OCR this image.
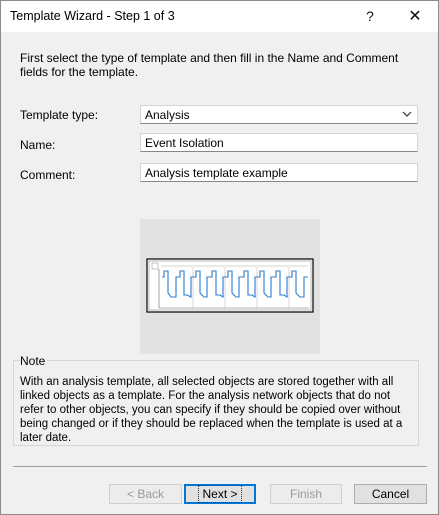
Template Wizard - Step 1 of 3	?	✕
First select the type of template and then fill in the Name and Comment fields for the template.
Template type:	Analysis
Name:	Event Isolation
Comment:	Analysis template example
Note
With an analysis template, all selected objects are stored together with all linked objects as a template. For the analysis network objects that do not refer to other objects, you can specify if they should be copied over without being changed or if they should be replaced when the template is used at a later date.
< Back	Next >	Finish	Cancel
